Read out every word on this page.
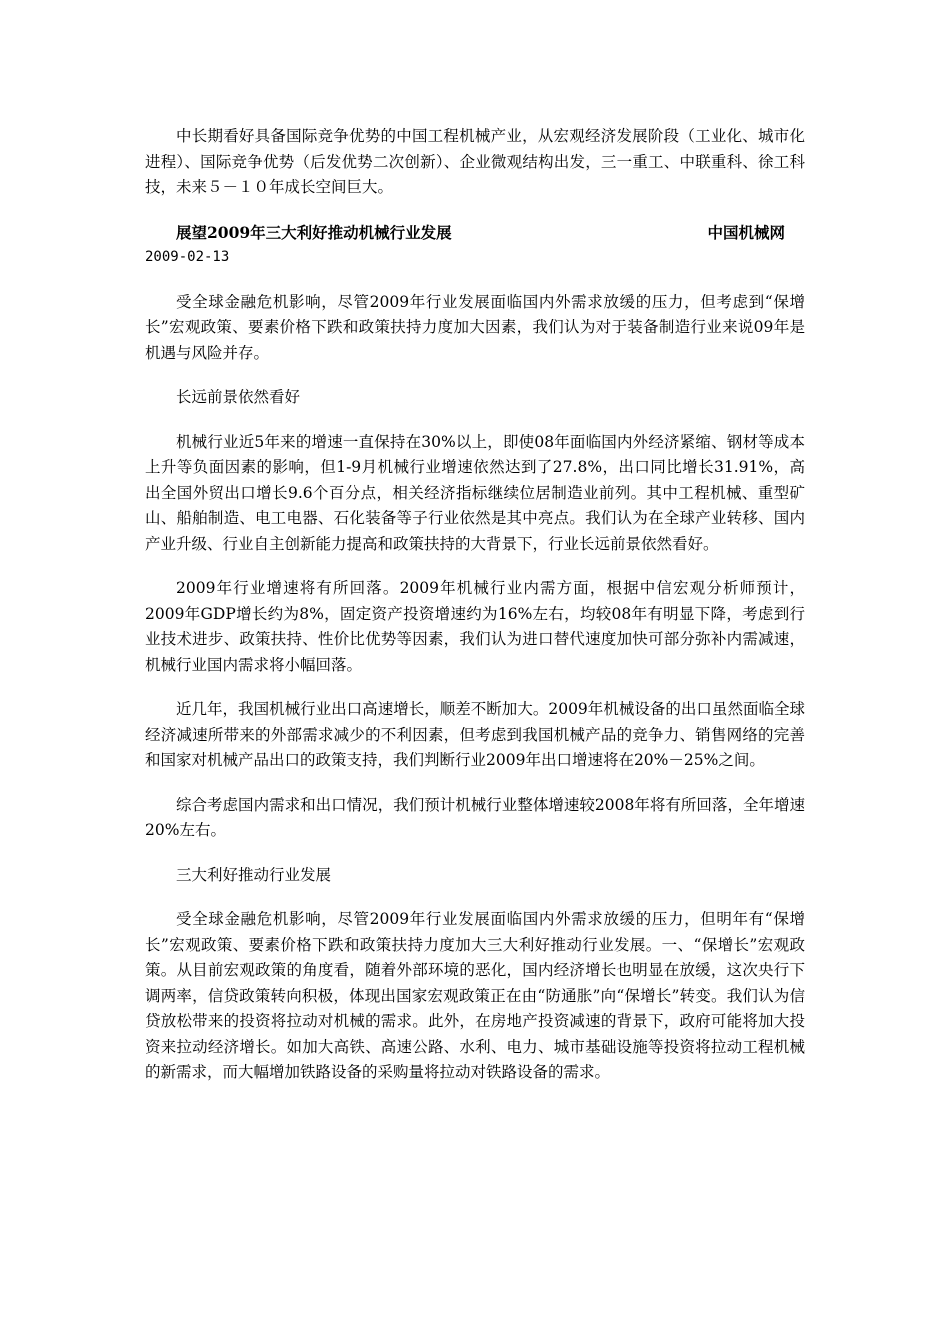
中长期看好具备国际竞争优势的中国工程机械产业，从宏观经济发展阶段（工业化、城市化进程）、国际竞争优势（后发优势二次创新）、企业微观结构出发，三一重工、中联重科、徐工科技，未来５－１０年成长空间巨大。

展望2009年三大利好推动机械行业发展	中国机械网
2009-02-13

受全球金融危机影响，尽管2009年行业发展面临国内外需求放缓的压力，但考虑到“保增长”宏观政策、要素价格下跌和政策扶持力度加大因素，我们认为对于装备制造行业来说09年是机遇与风险并存。

长远前景依然看好

机械行业近5年来的增速一直保持在30%以上，即使08年面临国内外经济紧缩、钢材等成本上升等负面因素的影响，但1-9月机械行业增速依然达到了27.8%，出口同比增长31.91%，高出全国外贸出口增长9.6个百分点，相关经济指标继续位居制造业前列。其中工程机械、重型矿山、船舶制造、电工电器、石化装备等子行业依然是其中亮点。我们认为在全球产业转移、国内产业升级、行业自主创新能力提高和政策扶持的大背景下，行业长远前景依然看好。

2009年行业增速将有所回落。2009年机械行业内需方面，根据中信宏观分析师预计，2009年GDP增长约为8%，固定资产投资增速约为16%左右，均较08年有明显下降，考虑到行业技术进步、政策扶持、性价比优势等因素，我们认为进口替代速度加快可部分弥补内需减速，机械行业国内需求将小幅回落。

近几年，我国机械行业出口高速增长，顺差不断加大。2009年机械设备的出口虽然面临全球经济减速所带来的外部需求减少的不利因素，但考虑到我国机械产品的竞争力、销售网络的完善和国家对机械产品出口的政策支持，我们判断行业2009年出口增速将在20%－25%之间。

综合考虑国内需求和出口情况，我们预计机械行业整体增速较2008年将有所回落，全年增速20%左右。

三大利好推动行业发展

受全球金融危机影响，尽管2009年行业发展面临国内外需求放缓的压力，但明年有“保增长”宏观政策、要素价格下跌和政策扶持力度加大三大利好推动行业发展。一、“保增长”宏观政策。从目前宏观政策的角度看，随着外部环境的恶化，国内经济增长也明显在放缓，这次央行下调两率，信贷政策转向积极，体现出国家宏观政策正在由“防通胀”向“保增长”转变。我们认为信贷放松带来的投资将拉动对机械的需求。此外，在房地产投资减速的背景下，政府可能将加大投资来拉动经济增长。如加大高铁、高速公路、水利、电力、城市基础设施等投资将拉动工程机械的新需求，而大幅增加铁路设备的采购量将拉动对铁路设备的需求。
